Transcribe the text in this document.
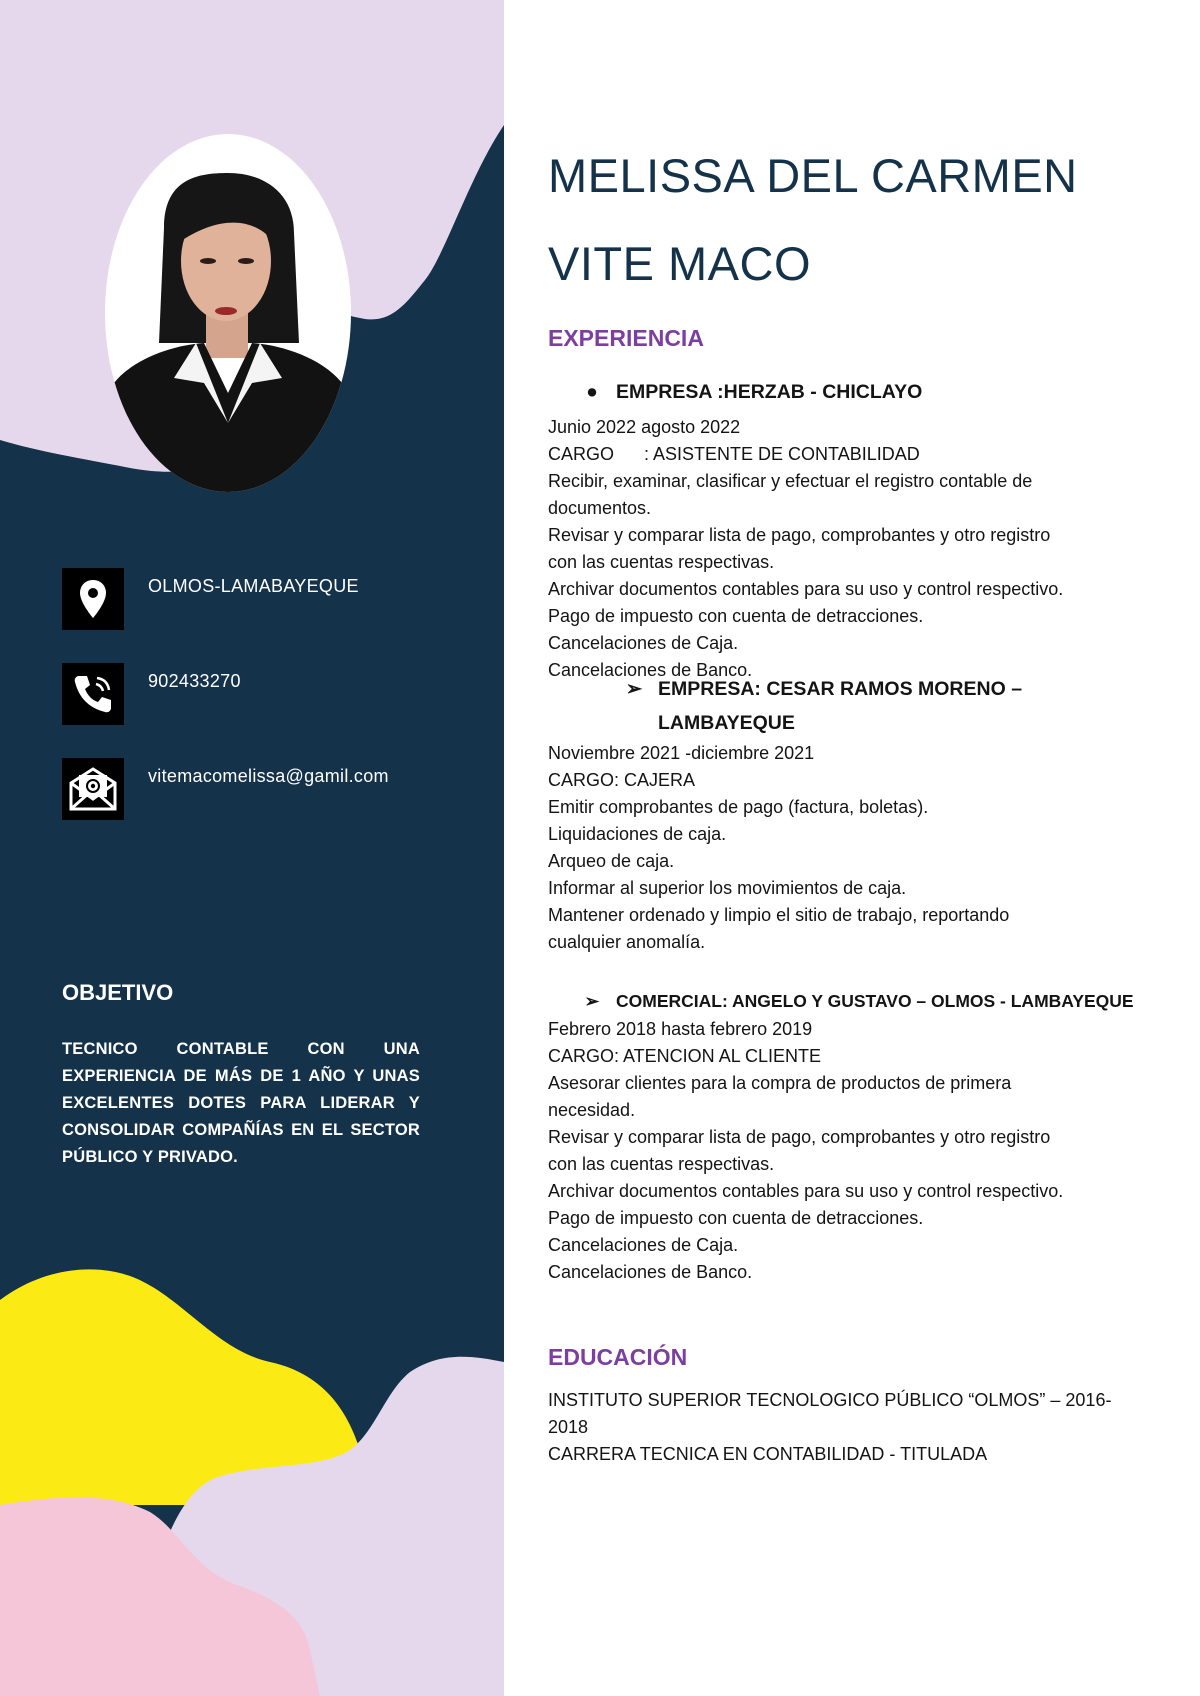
OLMOS-LAMABAYEQUE
902433270
vitemacomelissa@gamil.com
OBJETIVO
TECNICO CONTABLE CON UNA EXPERIENCIA DE MÁS DE 1 AÑO Y UNAS EXCELENTES DOTES PARA LIDERAR Y CONSOLIDAR COMPAÑÍAS EN EL SECTOR PÚBLICO Y PRIVADO.
MELISSA DEL CARMEN
VITE MACO
EXPERIENCIA
● EMPRESA :HERZAB - CHICLAYO

Junio 2022 agosto 2022

CARGO      : ASISTENTE DE CONTABILIDAD

Recibir, examinar, clasificar y efectuar el registro contable de

documentos.

Revisar y comparar lista de pago, comprobantes y otro registro

con las cuentas respectivas.

Archivar documentos contables para su uso y control respectivo.

Pago de impuesto con cuenta de detracciones.

Cancelaciones de Caja.

Cancelaciones de Banco.

➢ EMPRESA: CESAR RAMOS MORENO –
LAMBAYEQUE

Noviembre 2021 -diciembre 2021

CARGO: CAJERA

Emitir comprobantes de pago (factura, boletas).

Liquidaciones de caja.

Arqueo de caja.

Informar al superior los movimientos de caja.

Mantener ordenado y limpio el sitio de trabajo, reportando

cualquier anomalía.

➢ COMERCIAL: ANGELO Y GUSTAVO – OLMOS - LAMBAYEQUE

Febrero 2018 hasta febrero 2019

CARGO: ATENCION AL CLIENTE

Asesorar clientes para la compra de productos de primera

necesidad.

Revisar y comparar lista de pago, comprobantes y otro registro

con las cuentas respectivas.

Archivar documentos contables para su uso y control respectivo.

Pago de impuesto con cuenta de detracciones.

Cancelaciones de Caja.

Cancelaciones de Banco.

EDUCACIÓN

INSTITUTO SUPERIOR TECNOLOGICO PÚBLICO “OLMOS” – 2016-

2018

CARRERA TECNICA EN CONTABILIDAD - TITULADA
